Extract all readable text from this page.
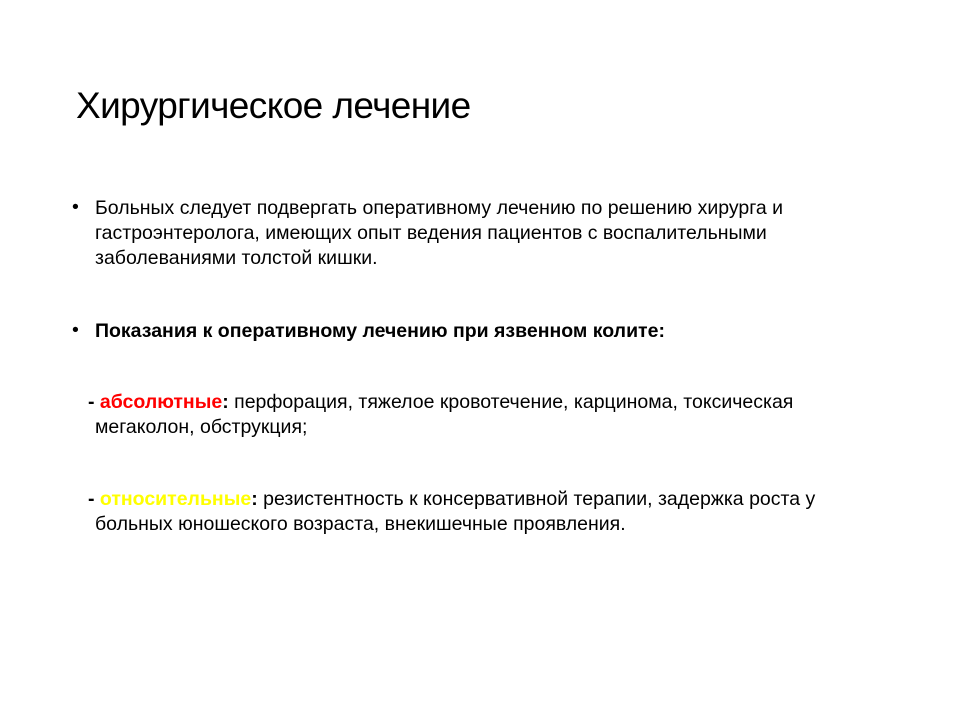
Хирургическое лечение
• Больных следует подвергать оперативному лечению по решению хирурга и гастроэнтеролога, имеющих опыт ведения пациентов с воспалительными заболеваниями толстой кишки.
• Показания к оперативному лечению при язвенном колите:
- абсолютные: перфорация, тяжелое кровотечение, карцинома, токсическая мегаколон, обструкция;
- относительные: резистентность к консервативной терапии, задержка роста у больных юношеского возраста, внекишечные проявления.
